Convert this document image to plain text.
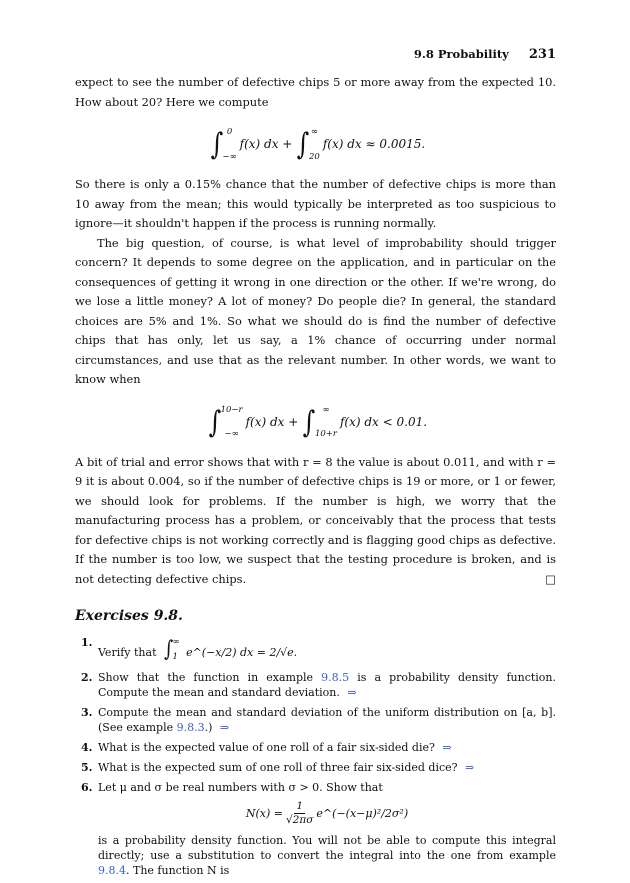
9.8 Probability 231

expect to see the number of defective chips 5 or more away from the expected 10. How about 20? Here we compute

∫ 0
−∞
f(x) dx + ∫ ∞
20
f(x) dx ≈ 0.0015.

So there is only a 0.15% chance that the number of defective chips is more than 10 away from the mean; this would typically be interpreted as too suspicious to ignore—it shouldn't happen if the process is running normally.

The big question, of course, is what level of improbability should trigger concern? It depends to some degree on the application, and in particular on the consequences of getting it wrong in one direction or the other. If we're wrong, do we lose a little money? A lot of money? Do people die? In general, the standard choices are 5% and 1%. So what we should do is find the number of defective chips that has only, let us say, a 1% chance of occurring under normal circumstances, and use that as the relevant number. In other words, we want to know when

∫ 10−r
−∞
f(x) dx + ∫ ∞
10+r
f(x) dx < 0.01.

A bit of trial and error shows that with r = 8 the value is about 0.011, and with r = 9 it is about 0.004, so if the number of defective chips is 19 or more, or 1 or fewer, we should look for problems. If the number is high, we worry that the manufacturing process has a problem, or conceivably that the process that tests for defective chips is not working correctly and is flagging good chips as defective. If the number is too low, we suspect that the testing procedure is broken, and is not detecting defective chips.	□

Exercises 9.8.
1.
Verify that ∫ ∞
1 e^(−x/2) dx = 2/√e.
2. Show that the function in example 9.8.5 is a probability density function. Compute the mean and standard deviation. ⇒
3. Compute the mean and standard deviation of the uniform distribution on [a, b]. (See example 9.8.3.) ⇒
4. What is the expected value of one roll of a fair six-sided die? ⇒
5. What is the expected sum of one roll of three fair six-sided dice? ⇒
6. Let μ and σ be real numbers with σ > 0. Show that
$N(x) = \frac{1}{√2\pi\sigma}$ e^(−(x−μ)²/2σ²)
is a probability density function. You will not be able to compute this integral directly; use a substitution to convert the integral into the one from example 9.8.4. The function N is
